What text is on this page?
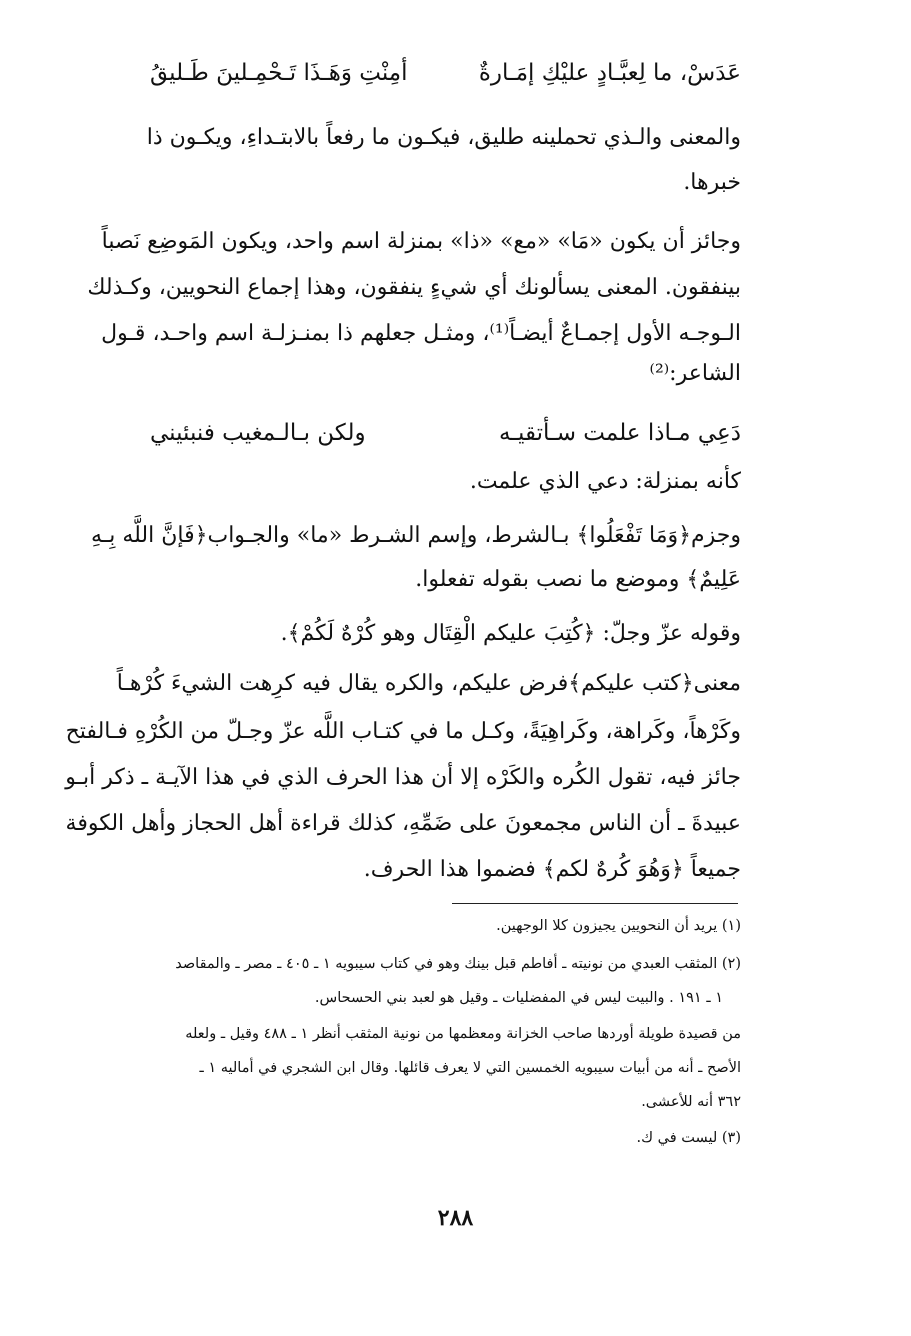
عَدَسْ، ما لِعبَّـادٍ عليْكِ إمَـارةٌ
أمِنْتِ وَهَـذَا تَـحْمِـلينَ طَـليقُ
والمعنى والـذي تحملينه طليق، فيكـون ما رفعاً بالابتـداءِ، ويكـون ذا
خبرها.
وجائز أن يكون «مَا» «مع» «ذا» بمنزلة اسم واحد، ويكون المَوضِع نَصباً
بينفقون. المعنى يسألونك أي شيءٍ ينفقون، وهذا إجماع النحويين، وكـذلك
الـوجـه الأول إجمـاعٌ أيضـاً⁽¹⁾، ومثـل جعلهم ذا بمنـزلـة اسم واحـد، قـول
الشاعر:⁽²⁾
دَعِي مـاذا علمت سـأتقيـه
ولكن بـالـمغيب فنبئيني
كأنه بمنزلة: دعي الذي علمت.
وجزم﴿وَمَا تَفْعَلُوا﴾ بـالشرط، وإسم الشـرط «ما» والجـواب﴿فَإنَّ اللَّه بِـهِ
عَلِيمٌ﴾ وموضع ما نصب بقوله تفعلوا.
وقوله عزّ وجلّ: ﴿كُتِبَ عليكم الْقِتَال وهو كُرْهٌ لَكُمْ﴾.
معنى﴿كتب عليكم﴾فرض عليكم، والكره يقال فيه كرِهت الشيءَ كُرْهـاً
وكَرْهاً، وكَراهة، وكَراهِيَةً، وكـل ما في كتـاب اللَّه عزّ وجـلّ من الكُرْهِ فـالفتح
جائز فيه، تقول الكُره والكَرْه إلا أن هذا الحرف الذي في هذا الآيـة ـ ذكر أبـو
عبيدةَ ـ أن الناس مجمعونَ على ضَمِّهِ، كذلك قراءة أهل الحجاز وأهل الكوفة
جميعاً ﴿وَهُوَ كُرهٌ لكم﴾ فضموا هذا الحرف.
(١) يريد أن النحويين يجيزون كلا الوجهين.
(٢) المثقب العبدي من نونيته ـ أفاطم قبل بينك وهو في كتاب سيبويه ١ ـ ٤٠٥ ـ مصر ـ والمقاصد
١ ـ ١٩١ . والبيت ليس في المفضليات ـ وقيل هو لعبد بني الحسحاس.
من قصيدة طويلة أوردها صاحب الخزانة ومعظمها من نونية المثقب أنظر ١ ـ ٤٨٨ وقيل ـ ولعله
الأصح ـ أنه من أبيات سيبويه الخمسين التي لا يعرف قائلها. وقال ابن الشجري في أماليه ١ ـ
٣٦٢ أنه للأعشى.
(٣) ليست في ك.
٢٨٨
